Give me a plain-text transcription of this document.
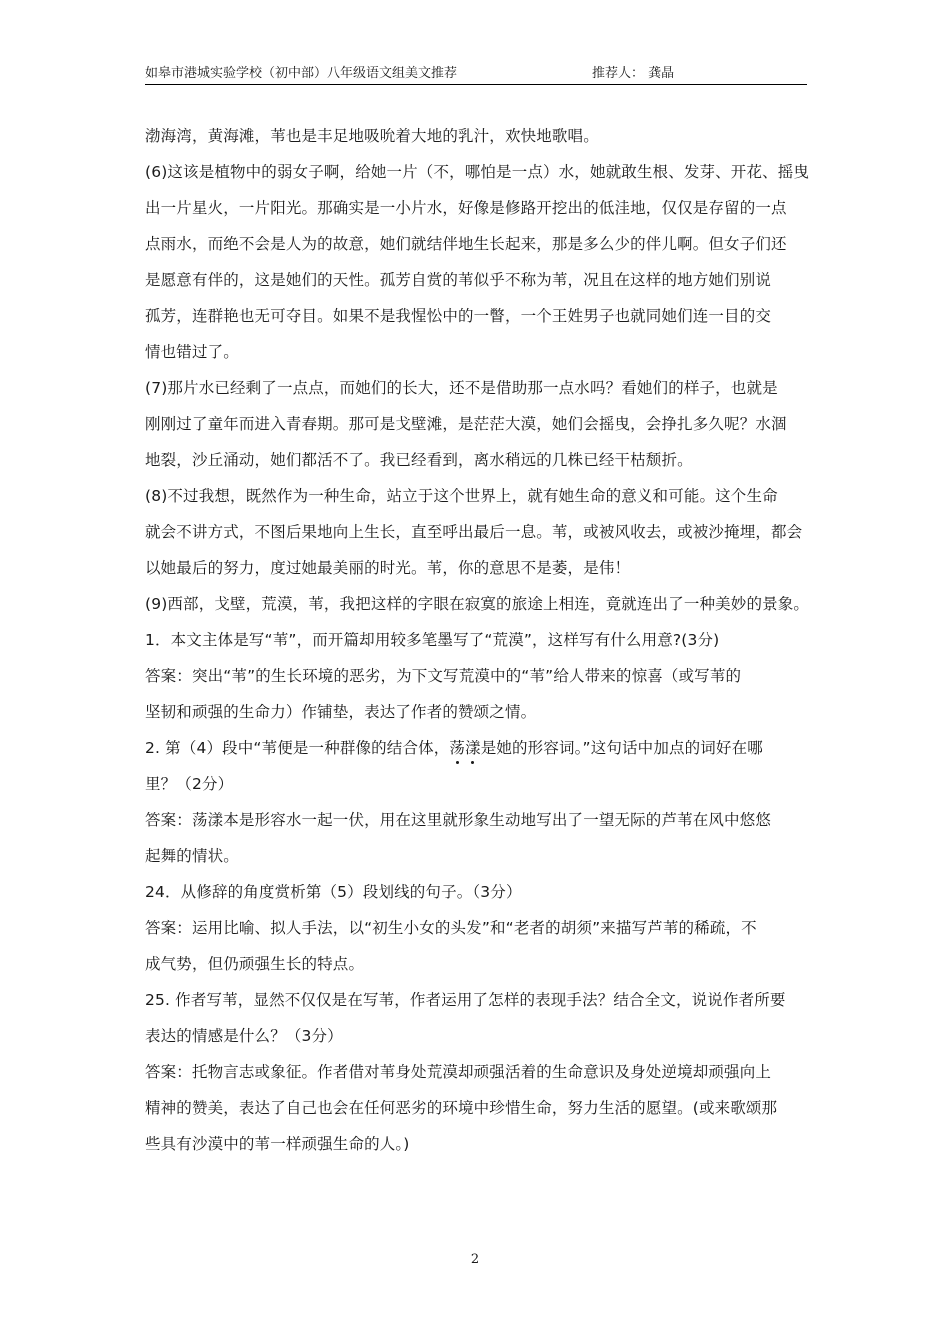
如皋市港城实验学校（初中部）八年级语文组美文推荐	推荐人： 龚晶
渤海湾，黄海滩，苇也是丰足地吸吮着大地的乳汁，欢快地歌唱。
(6)这该是植物中的弱女子啊，给她一片（不，哪怕是一点）水，她就敢生根、发芽、开花、摇曳
出一片星火，一片阳光。那确实是一小片水，好像是修路开挖出的低洼地，仅仅是存留的一点
点雨水，而绝不会是人为的故意，她们就结伴地生长起来，那是多么少的伴儿啊。但女子们还
是愿意有伴的，这是她们的天性。孤芳自赏的苇似乎不称为苇，况且在这样的地方她们别说
孤芳，连群艳也无可夺目。如果不是我惺忪中的一瞥，一个王姓男子也就同她们连一目的交
情也错过了。
(7)那片水已经剩了一点点，而她们的长大，还不是借助那一点水吗？看她们的样子，也就是
刚刚过了童年而进入青春期。那可是戈壁滩，是茫茫大漠，她们会摇曳，会挣扎多久呢？水涸
地裂，沙丘涌动，她们都活不了。我已经看到，离水稍远的几株已经干枯颓折。
(8)不过我想，既然作为一种生命，站立于这个世界上，就有她生命的意义和可能。这个生命
就会不讲方式，不图后果地向上生长，直至呼出最后一息。苇，或被风收去，或被沙掩埋，都会
以她最后的努力，度过她最美丽的时光。苇，你的意思不是萎，是伟！
(9)西部，戈壁，荒漠，苇，我把这样的字眼在寂寞的旅途上相连，竟就连出了一种美妙的景象。
1．本文主体是写“苇”，而开篇却用较多笔墨写了“荒漠”，这样写有什么用意?(3分)
答案：突出“苇”的生长环境的恶劣，为下文写荒漠中的“苇”给人带来的惊喜（或写苇的
坚韧和顽强的生命力）作铺垫，表达了作者的赞颂之情。
2. 第（4）段中“苇便是一种群像的结合体，荡漾是她的形容词。”这句话中加点的词好在哪
里？（2分）
答案：荡漾本是形容水一起一伏，用在这里就形象生动地写出了一望无际的芦苇在风中悠悠
起舞的情状。
24．从修辞的角度赏析第（5）段划线的句子。（3分）
答案：运用比喻、拟人手法，以“初生小女的头发”和“老者的胡须”来描写芦苇的稀疏，不
成气势，但仍顽强生长的特点。
25. 作者写苇，显然不仅仅是在写苇，作者运用了怎样的表现手法？结合全文，说说作者所要
表达的情感是什么？（3分）
答案：托物言志或象征。作者借对苇身处荒漠却顽强活着的生命意识及身处逆境却顽强向上
精神的赞美，表达了自己也会在任何恶劣的环境中珍惜生命，努力生活的愿望。(或来歌颂那
些具有沙漠中的苇一样顽强生命的人。)
2
